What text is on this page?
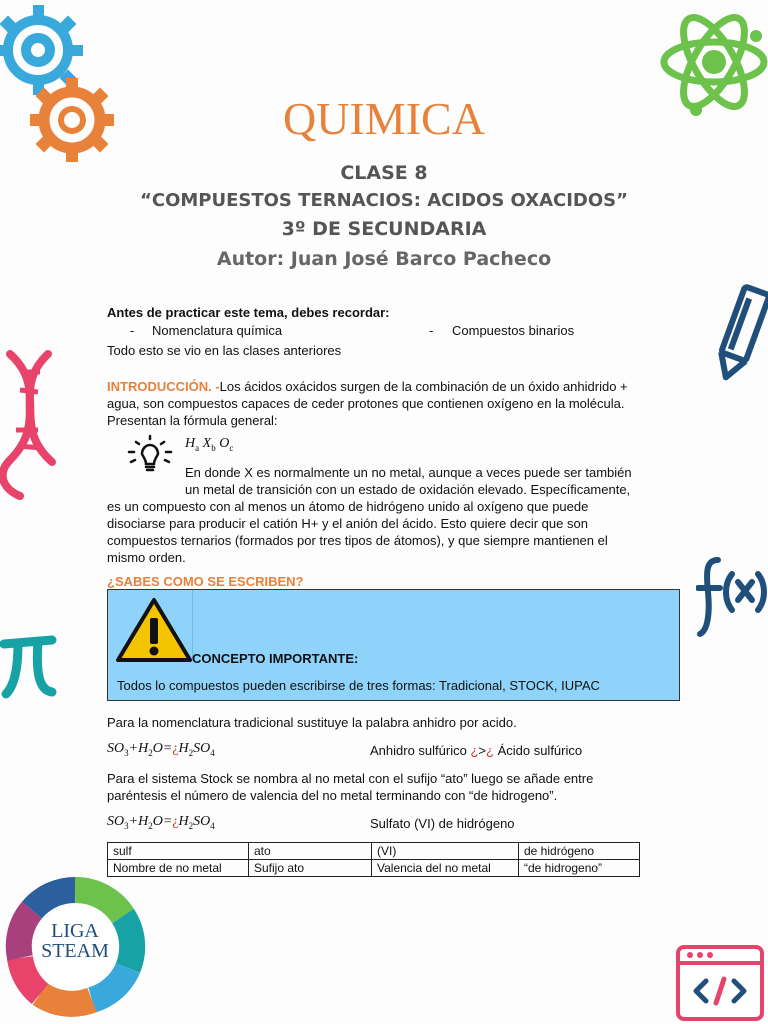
QUIMICA
CLASE 8
“COMPUESTOS TERNACIOS: ACIDOS OXACIDOS”
3º DE SECUNDARIA
Autor: Juan José Barco Pacheco
Antes de practicar este tema, debes recordar:
- Nomenclatura química	- Compuestos binarios
Todo esto se vio en las clases anteriores
INTRODUCCIÓN. -Los ácidos oxácidos surgen de la combinación de un óxido anhidrido +
agua, son compuestos capaces de ceder protones que contienen oxígeno en la molécula.
Presentan la fórmula general:
$H_a$ $X_b$ $O_c$
En donde X es normalmente un no metal, aunque a veces puede ser también
un metal de transición con un estado de oxidación elevado. Específicamente,
es un compuesto con al menos un átomo de hidrógeno unido al oxígeno que puede
disociarse para producir el catión H+ y el anión del ácido. Esto quiere decir que son
compuestos ternarios (formados por tres tipos de átomos), y que siempre mantienen el
mismo orden.
¿SABES COMO SE ESCRIBEN?
CONCEPTO IMPORTANTE:
Todos lo compuestos pueden escribirse de tres formas: Tradicional, STOCK, IUPAC
Para la nomenclatura tradicional sustituye la palabra anhidro por acido.
$SO_3+H_2O=¿H_2SO_4$	Anhidro sulfúrico ¿>¿ Ácido sulfúrico
Para el sistema Stock se nombra al no metal con el sufijo “ato” luego se añade entre
paréntesis el número de valencia del no metal terminando con “de hidrogeno”.
$SO_3+H_2O=¿H_2SO_4$	Sulfato (VI) de hidrógeno
sulf	ato	(VI)	de hidrógeno
Nombre de no metal	Sufijo ato	Valencia del no metal	“de hidrogeno”
LIGA
STEAM
